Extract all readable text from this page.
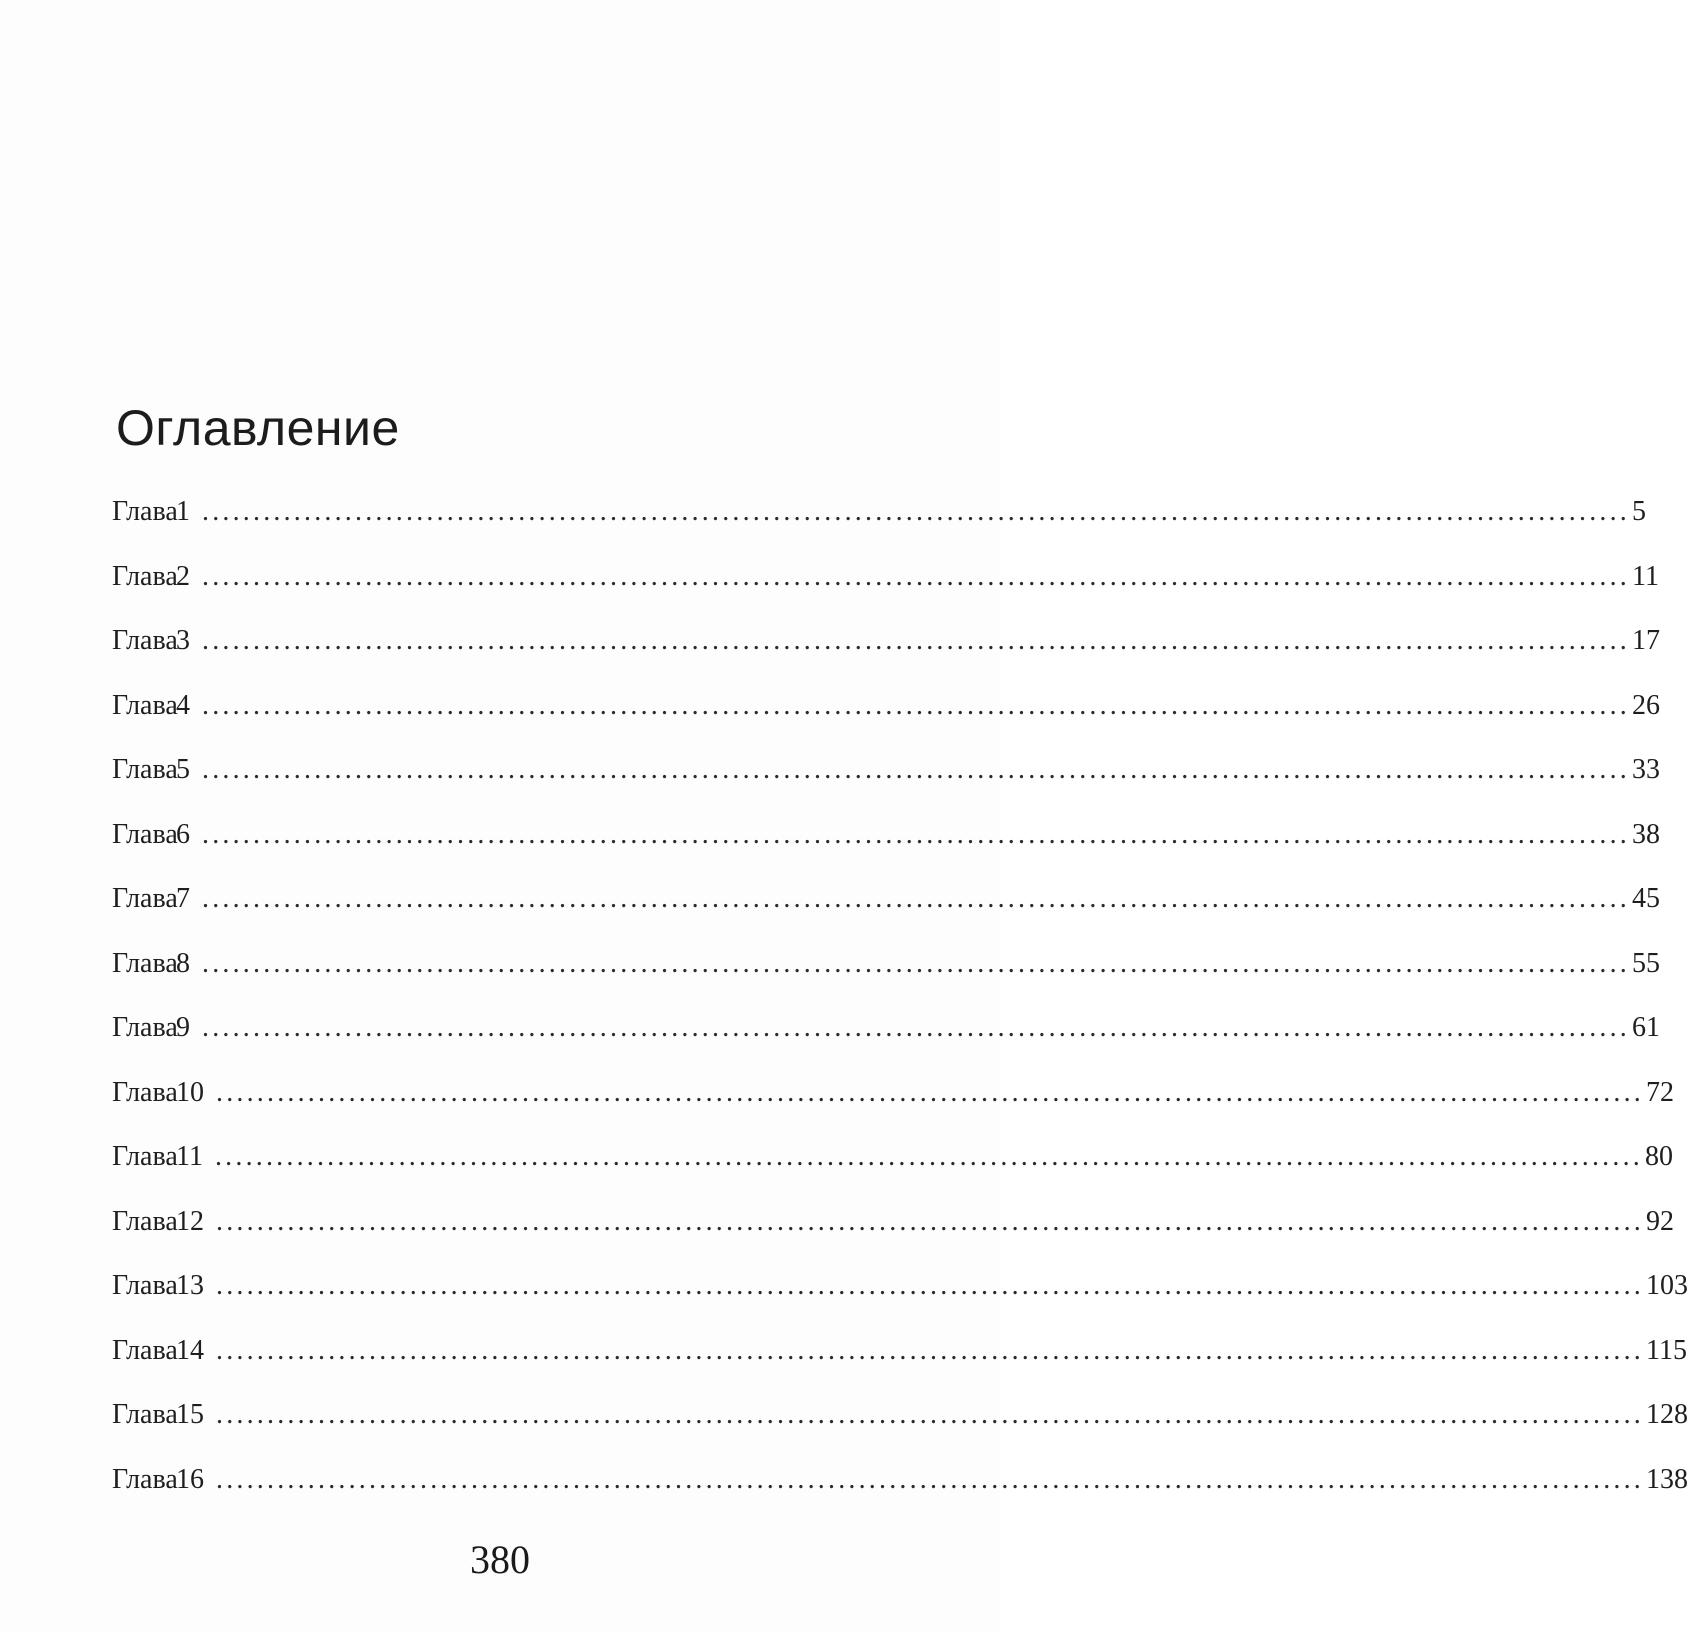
Оглавление
Глава
1 ............................................................................................................................................ 5
Глава
2 ............................................................................................................................................ 11
Глава
3 ............................................................................................................................................ 17
Глава
4 ............................................................................................................................................ 26
Глава
5 ............................................................................................................................................ 33
Глава
6 ............................................................................................................................................ 38
Глава
7 ............................................................................................................................................ 45
Глава
8 ............................................................................................................................................ 55
Глава
9 ............................................................................................................................................ 61
Глава
10 ............................................................................................................................................ 72
Глава
11 ............................................................................................................................................ 80
Глава
12 ............................................................................................................................................ 92
Глава
13 ............................................................................................................................................ 103
Глава
14 ............................................................................................................................................ 115
Глава
15 ............................................................................................................................................ 128
Глава
16 ............................................................................................................................................ 138
380
